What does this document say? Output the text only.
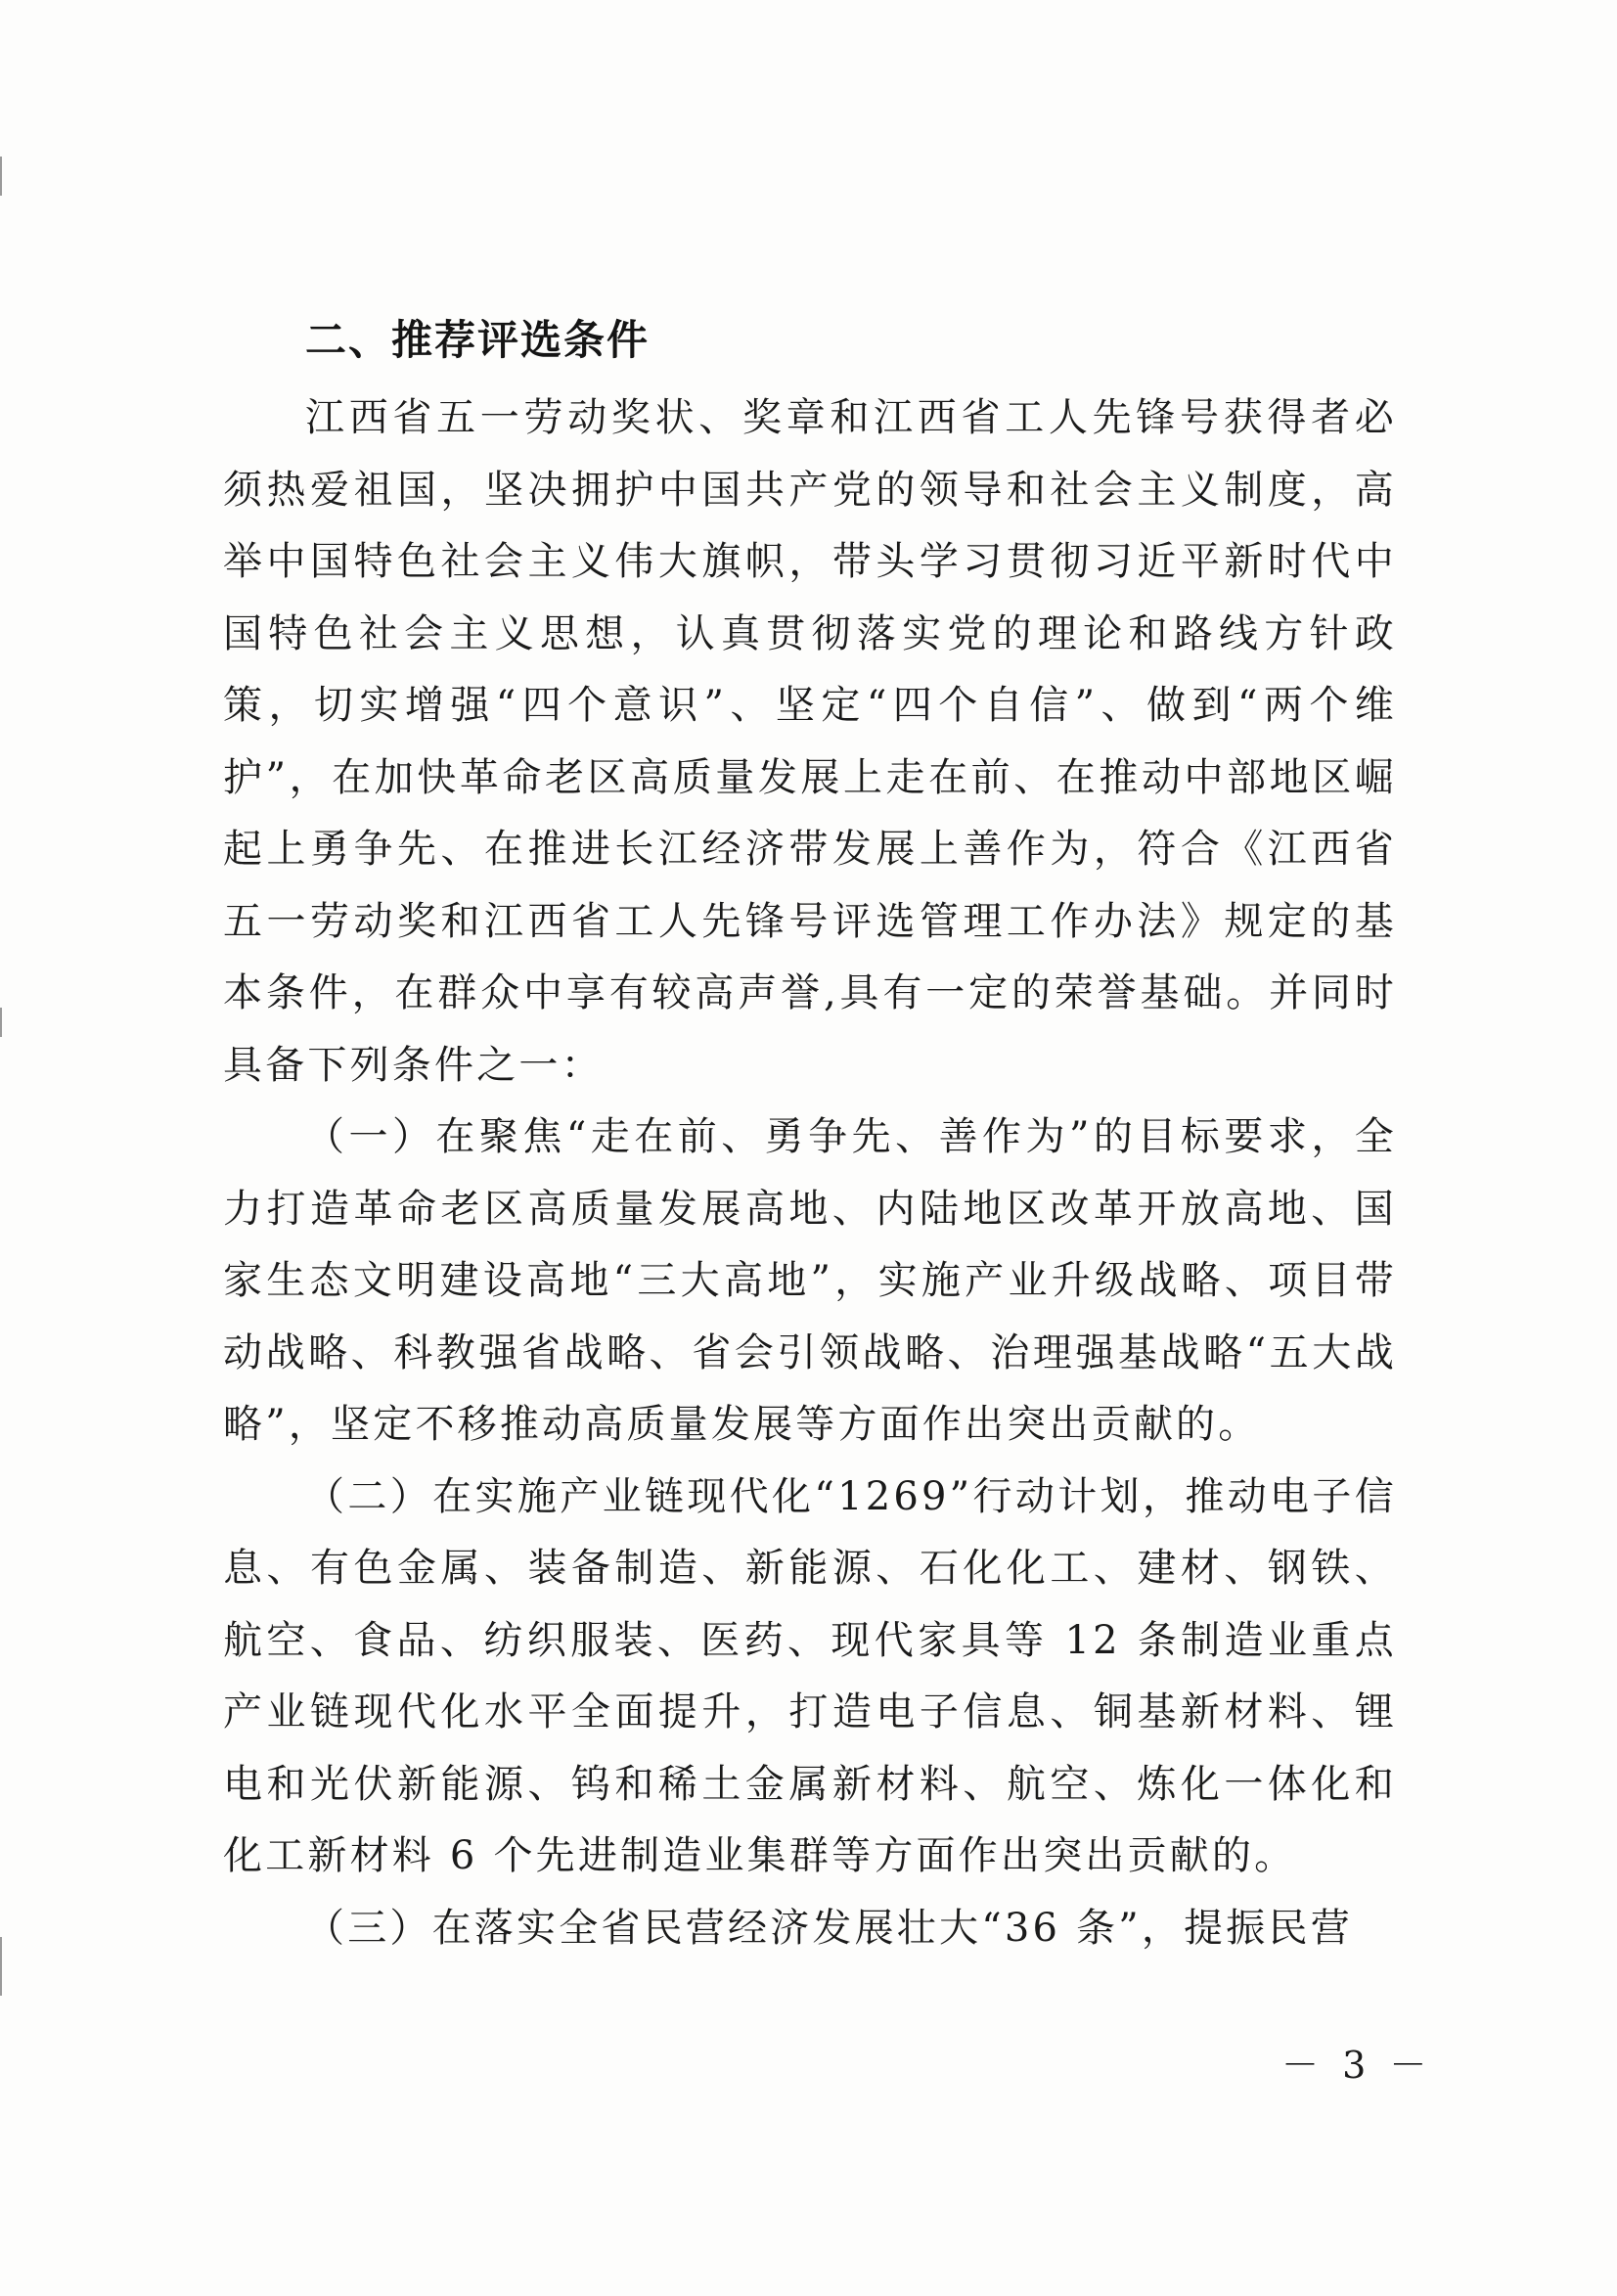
二、推荐评选条件

江西省五一劳动奖状、奖章和江西省工人先锋号获得者必须热爱祖国，坚决拥护中国共产党的领导和社会主义制度，高举中国特色社会主义伟大旗帜，带头学习贯彻习近平新时代中国特色社会主义思想，认真贯彻落实党的理论和路线方针政策，切实增强“四个意识”、坚定“四个自信”、做到“两个维护”，在加快革命老区高质量发展上走在前、在推动中部地区崛起上勇争先、在推进长江经济带发展上善作为，符合《江西省五一劳动奖和江西省工人先锋号评选管理工作办法》规定的基本条件，在群众中享有较高声誉,具有一定的荣誉基础。并同时具备下列条件之一：

（一）在聚焦“走在前、勇争先、善作为”的目标要求，全力打造革命老区高质量发展高地、内陆地区改革开放高地、国家生态文明建设高地“三大高地”，实施产业升级战略、项目带动战略、科教强省战略、省会引领战略、治理强基战略“五大战略”，坚定不移推动高质量发展等方面作出突出贡献的。

（二）在实施产业链现代化“1269”行动计划，推动电子信息、有色金属、装备制造、新能源、石化化工、建材、钢铁、航空、食品、纺织服装、医药、现代家具等 12 条制造业重点产业链现代化水平全面提升，打造电子信息、铜基新材料、锂电和光伏新能源、钨和稀土金属新材料、航空、炼化一体化和化工新材料 6 个先进制造业集群等方面作出突出贡献的。

（三）在落实全省民营经济发展壮大“36 条”，提振民营

－ 3 －
